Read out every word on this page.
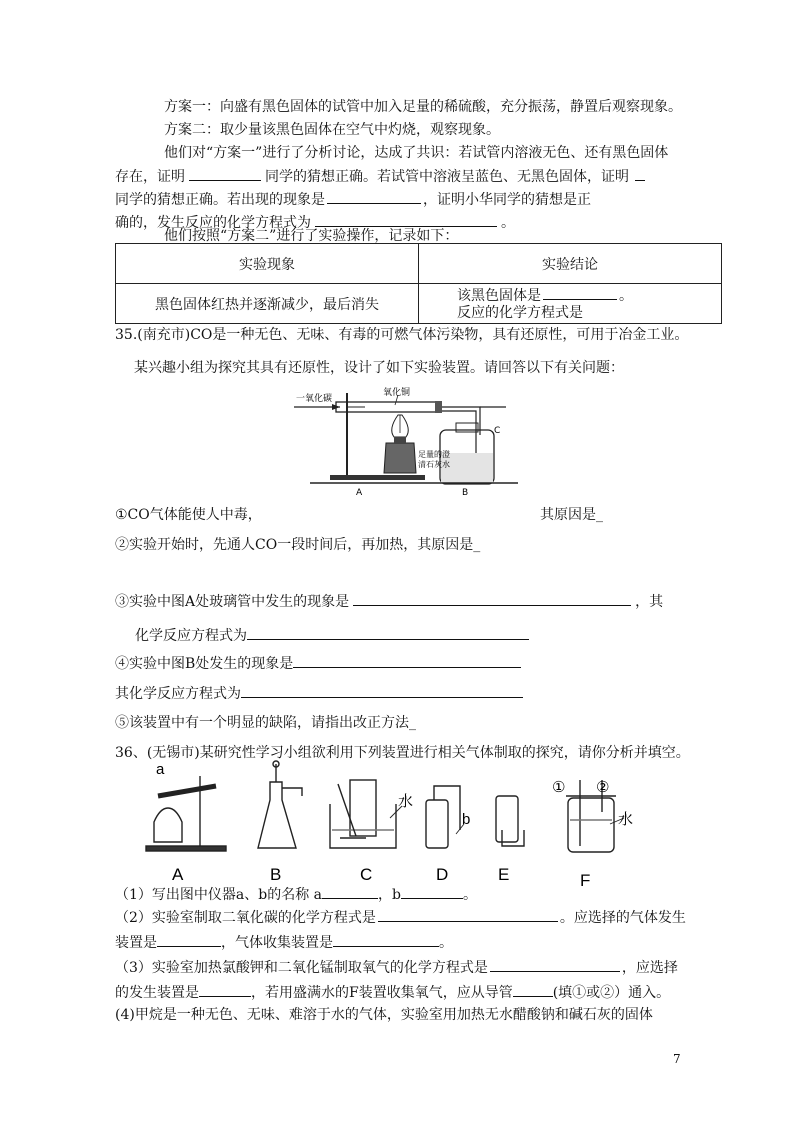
方案一：向盛有黑色固体的试管中加入足量的稀硫酸，充分振荡，静置后观察现象。
方案二：取少量该黑色固体在空气中灼烧，观察现象。
他们对“方案一”进行了分析讨论，达成了共识：若试管内溶液无色、还有黑色固体
存在，证明	同学的猜想正确。若试管中溶液呈蓝色、无黑色固体，证明
同学的猜想正确。若出现的现象是	，证明小华同学的猜想是正
确的，发生反应的化学方程式为	。
他们按照“方案二”进行了实验操作，记录如下：
实验现象	实验结论
黑色固体红热并逐渐减少，最后消失	该黑色固体是 。
反应的化学方程式是
35.(南充市)CO是一种无色、无味、有毒的可燃气体污染物，具有还原性，可用于冶金工业。
某兴趣小组为探究其具有还原性，设计了如下实验装置。请回答以下有关问题：
一氧化碳
氧化铜
足量的澄
清石灰水
A	B
C
①CO气体能使人中毒，	其原因是_
②实验开始时，先通人CO一段时间后，再加热，其原因是_
③实验中图A处玻璃管中发生的现象是	，其
化学反应方程式为
④实验中图B处发生的现象是
其化学反应方程式为
⑤该装置中有一个明显的缺陷，请指出改正方法_
36、(无锡市)某研究性学习小组欲利用下列装置进行相关气体制取的探究，请你分析并填空。
a
b
水
水
① ②
A	B	C	D	E	F
（1）写出图中仪器a、b的名称 a	，b	。
（2）实验室制取二氧化碳的化学方程式是	。应选择的气体发生
装置是	，气体收集装置是	。
（3）实验室加热氯酸钾和二氧化锰制取氧气的化学方程式是	，应选择
的发生装置是	，若用盛满水的F装置收集氧气，应从导管	(填①或②）通入。
(4)甲烷是一种无色、无味、难溶于水的气体，实验室用加热无水醋酸钠和碱石灰的固体
7
